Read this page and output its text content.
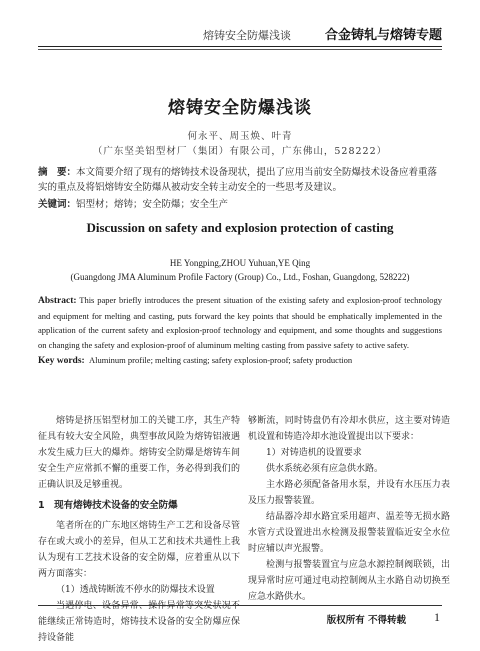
熔铸安全防爆浅谈	合金铸轧与熔铸专题
熔铸安全防爆浅谈
何永平、周玉焕、叶青
（广东坚美铝型材厂（集团）有限公司，广东佛山，528222）
摘　要：本文简要介绍了现有的熔铸技术设备现状，提出了应用当前安全防爆技术设备应着重落实的重点及将铝熔铸安全防爆从被动安全转主动安全的一些思考及建议。
关键词：铝型材；熔铸；安全防爆；安全生产
Discussion on safety and explosion protection of casting
HE Yongping,ZHOU Yuhuan,YE Qing
(Guangdong JMA Aluminum Profile Factory (Group) Co., Ltd., Foshan, Guangdong, 528222)
Abstract: This paper briefly introduces the present situation of the existing safety and explosion-proof technology and equipment for melting and casting, puts forward the key points that should be emphatically implemented in the application of the current safety and explosion-proof technology and equipment, and some thoughts and suggestions on changing the safety and explosion-proof of aluminum melting casting from passive safety to active safety.
Key words: Aluminum profile; melting casting; safety explosion-proof; safety production

熔铸是挤压铝型材加工的关键工序，其生产特征具有较大安全风险，典型事故风险为熔铸铝液遇水发生威力巨大的爆炸。熔铸安全防爆是熔铸车间安全生产应常抓不懈的重要工作，务必得到我们的正确认识及足够重视。

1　现有熔铸技术设备的安全防爆

笔者所在的广东地区熔铸生产工艺和设备尽管存在或大或小的差异，但从工艺和技术共通性上我认为现有工艺技术设备的安全防爆，应着重从以下两方面落实：

（1）透战铸断流不停水的防爆技术设置

当遇停电、设备异常、操作异常等突发状况不能继续正常铸造时，熔铸技术设备的安全防爆应保持设备能

够断流，同时铸盘仍有冷却水供应，这主要对铸造机设置和铸造冷却水池设置提出以下要求：

1）对铸造机的设置要求

供水系统必须有应急供水路。

主水路必须配备备用水泵，并设有水压压力表及压力报警装置。

结晶器冷却水路宜采用超声、温差等无损水路水管方式设置进出水检测及报警装置临近安全水位时应辅以声光报警。

检测与报警装置宜与应急水源控制阀联锁，出现异常时应可通过电动控制阀从主水路自动切换至应急水路供水。

版权所有 不得转载 1
